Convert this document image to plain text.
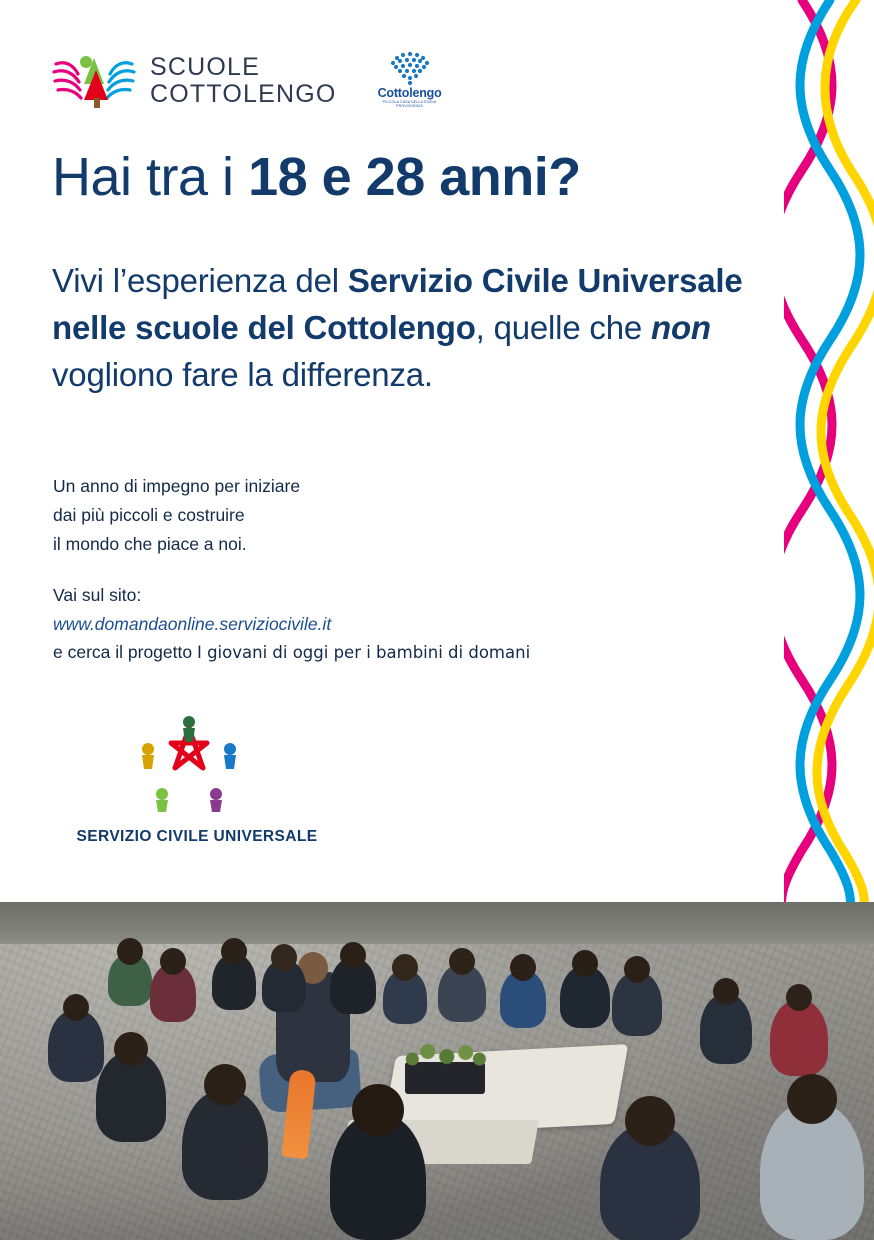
SCUOLE
COTTOLENGO	Cottolengo
PICCOLA CASA DELLA DIVINA PROVVIDENZA
Hai tra i 18 e 28 anni?
Vivi l’esperienza del Servizio Civile Universale nelle scuole del Cottolengo, quelle che non vogliono fare la differenza.
Un anno di impegno per iniziare
dai più piccoli e costruire
il mondo che piace a noi.
Vai sul sito:
www.domandaonline.serviziocivile.it
e cerca il progetto I giovani di oggi per i bambini di domani
SERVIZIO CIVILE UNIVERSALE
